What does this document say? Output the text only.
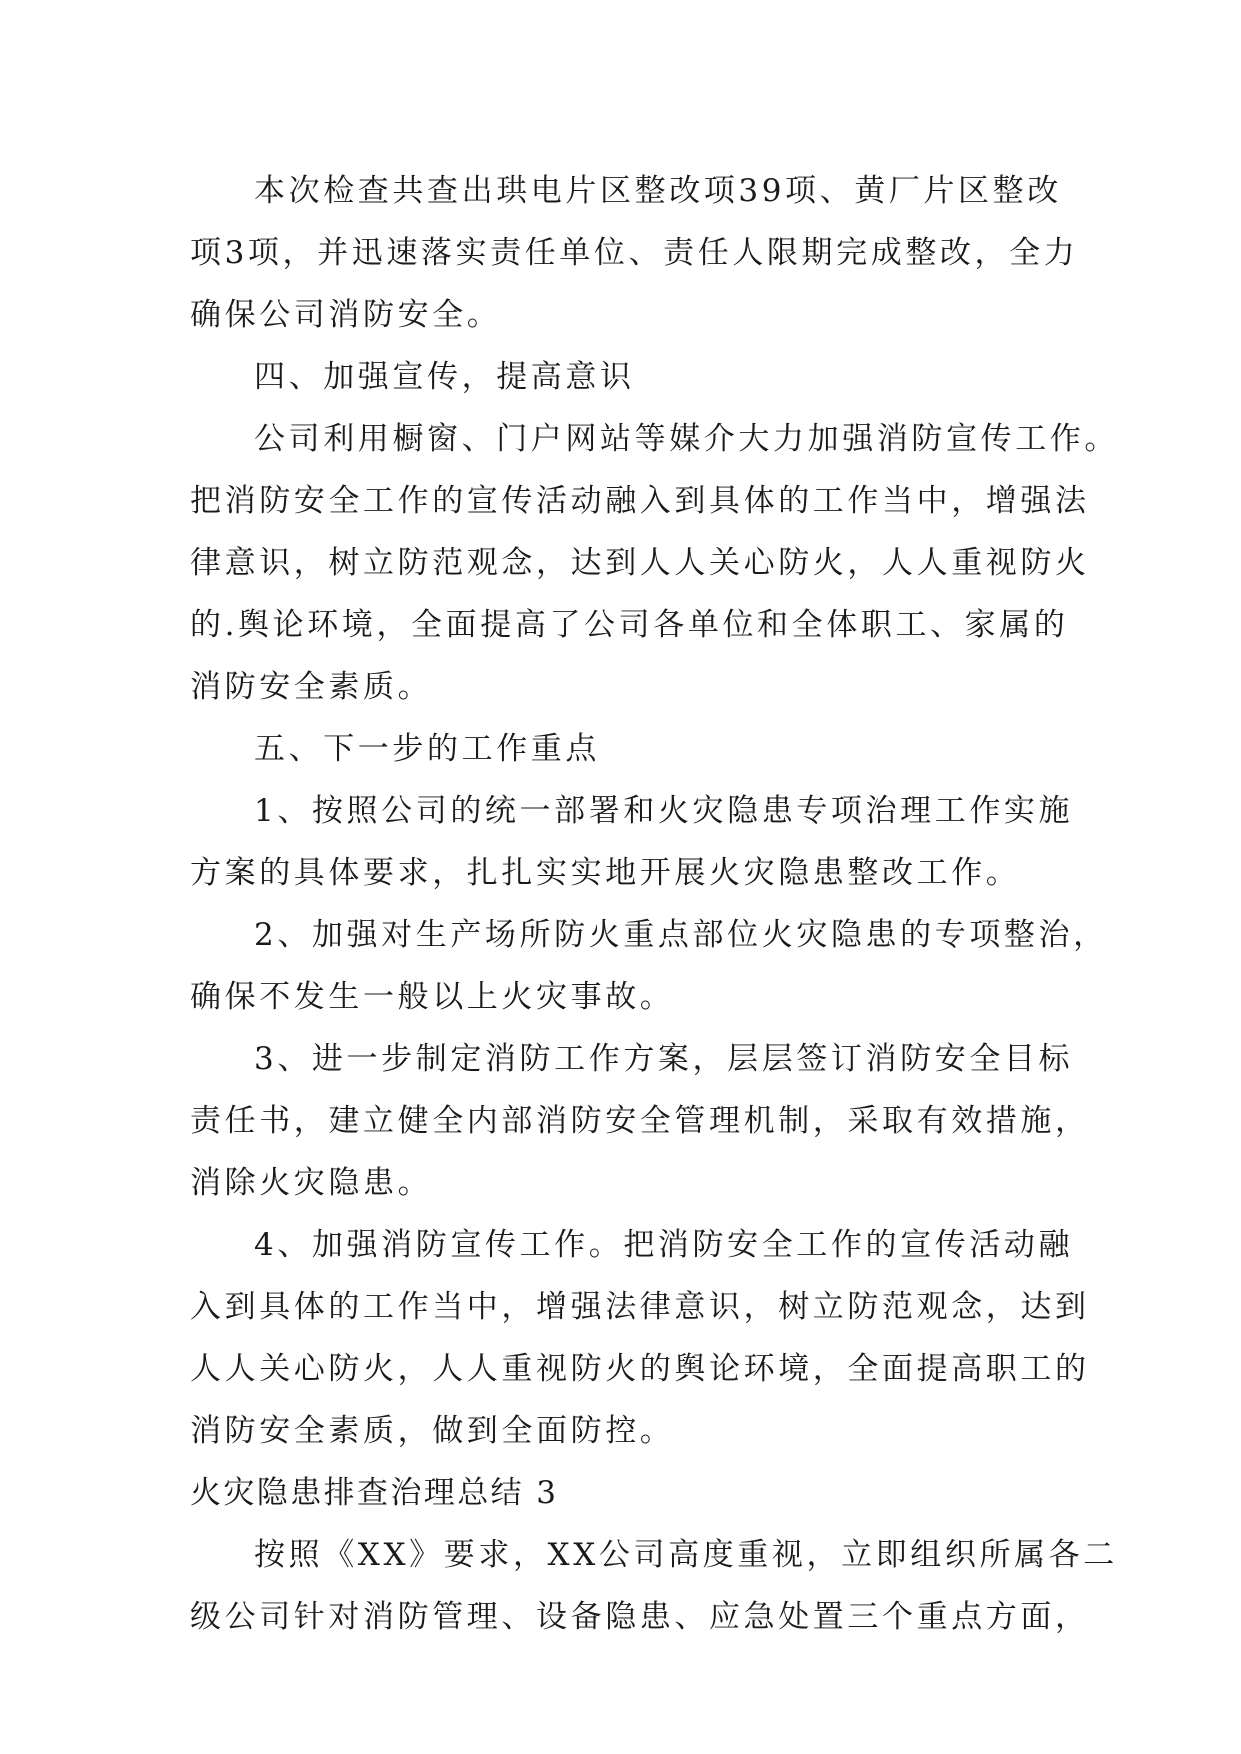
本次检查共查出珙电片区整改项39项、黄厂片区整改
项3项，并迅速落实责任单位、责任人限期完成整改，全力
确保公司消防安全。
四、加强宣传，提高意识
公司利用橱窗、门户网站等媒介大力加强消防宣传工作。
把消防安全工作的宣传活动融入到具体的工作当中，增强法
律意识，树立防范观念，达到人人关心防火，人人重视防火
的.舆论环境，全面提高了公司各单位和全体职工、家属的
消防安全素质。
五、下一步的工作重点
1、按照公司的统一部署和火灾隐患专项治理工作实施
方案的具体要求，扎扎实实地开展火灾隐患整改工作。
2、加强对生产场所防火重点部位火灾隐患的专项整治，
确保不发生一般以上火灾事故。
3、进一步制定消防工作方案，层层签订消防安全目标
责任书，建立健全内部消防安全管理机制，采取有效措施，
消除火灾隐患。
4、加强消防宣传工作。把消防安全工作的宣传活动融
入到具体的工作当中，增强法律意识，树立防范观念，达到
人人关心防火，人人重视防火的舆论环境，全面提高职工的
消防安全素质，做到全面防控。
火灾隐患排查治理总结 3
按照《XX》要求，XX公司高度重视，立即组织所属各二
级公司针对消防管理、设备隐患、应急处置三个重点方面，
